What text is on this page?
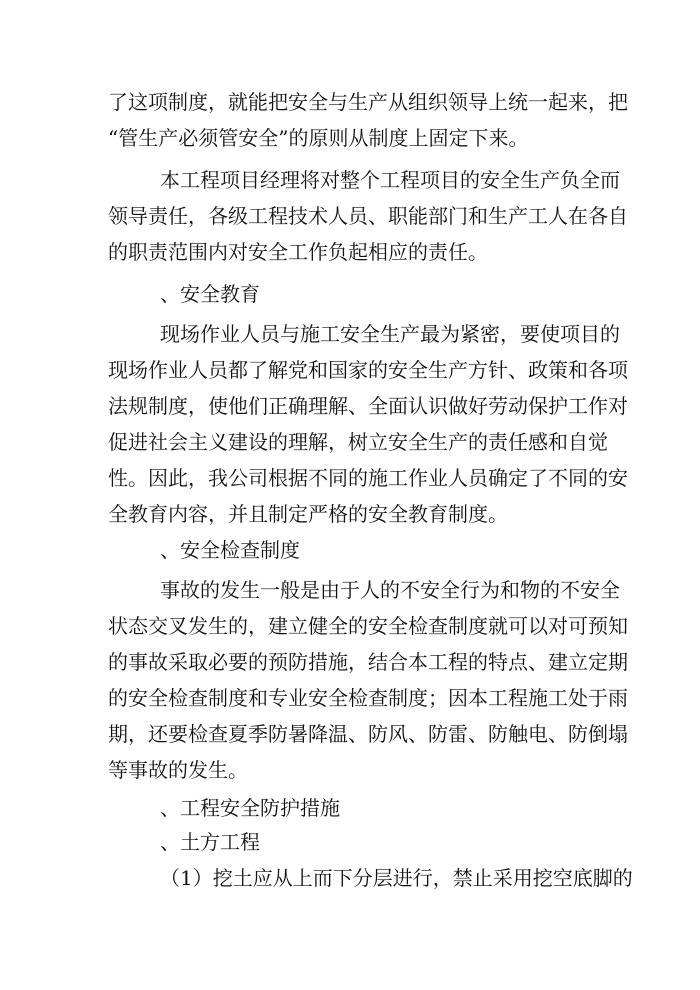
了这项制度，就能把安全与生产从组织领导上统一起来，把
“管生产必须管安全”的原则从制度上固定下来。
本工程项目经理将对整个工程项目的安全生产负全而
领导责任，各级工程技术人员、职能部门和生产工人在各自
的职责范围内对安全工作负起相应的责任。
、安全教育
现场作业人员与施工安全生产最为紧密，要使项目的
现场作业人员都了解党和国家的安全生产方针、政策和各项
法规制度，使他们正确理解、全面认识做好劳动保护工作对
促进社会主义建设的理解，树立安全生产的责任感和自觉
性。因此，我公司根据不同的施工作业人员确定了不同的安
全教育内容，并且制定严格的安全教育制度。
、安全检查制度
事故的发生一般是由于人的不安全行为和物的不安全
状态交叉发生的，建立健全的安全检查制度就可以对可预知
的事故采取必要的预防措施，结合本工程的特点、建立定期
的安全检查制度和专业安全检查制度；因本工程施工处于雨
期，还要检查夏季防暑降温、防风、防雷、防触电、防倒塌
等事故的发生。
、工程安全防护措施
、土方工程
（1）挖土应从上而下分层进行，禁止采用挖空底脚的
